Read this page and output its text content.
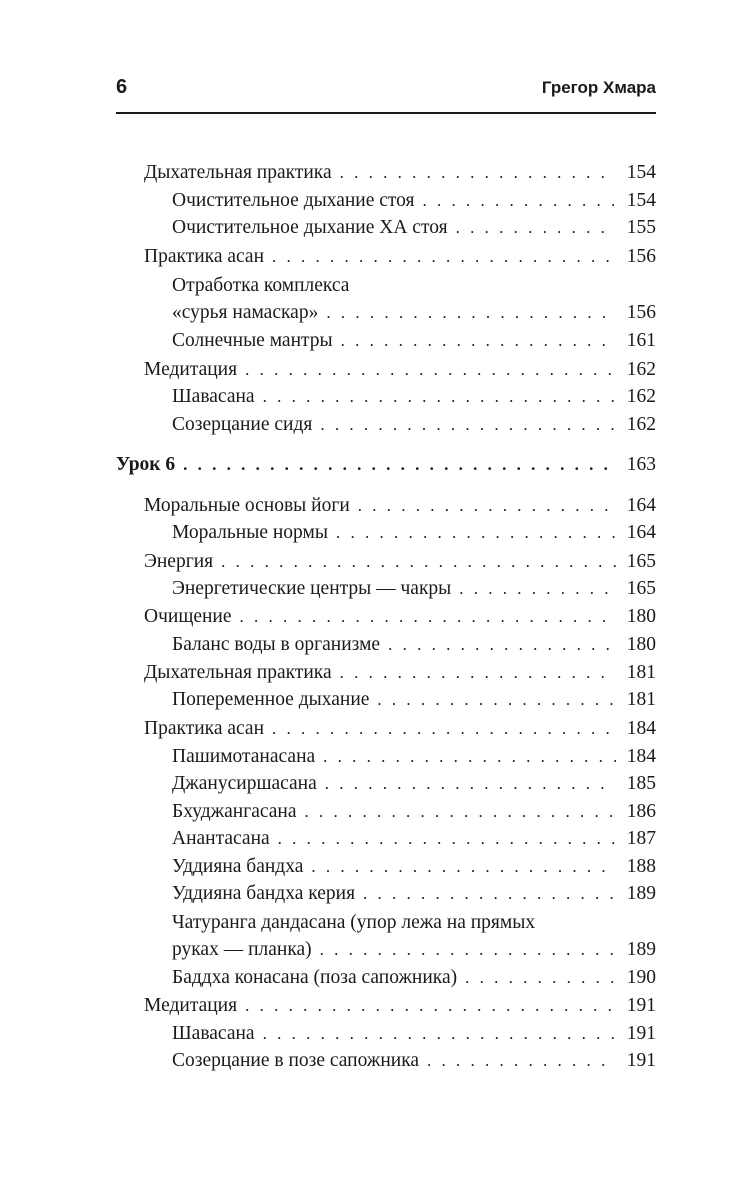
6	Грегор Хмара
Дыхательная практика . . .	154
Очистительное дыхание стоя . . .	154
Очистительное дыхание ХА стоя . . .	155
Практика асан . . .	156
Отработка комплекса
«сурья намаскар» . . .	156
Солнечные мантры . . .	161
Медитация . . .	162
Шавасана . . .	162
Созерцание сидя . . .	162
Урок 6 . . .	163
Моральные основы йоги . . .	164
Моральные нормы . . .	164
Энергия . . .	165
Энергетические центры — чакры . . .	165
Очищение . . .	180
Баланс воды в организме . . .	180
Дыхательная практика . . .	181
Попеременное дыхание . . .	181
Практика асан . . .	184
Пашимотанасана . . .	184
Джанусиршасана . . .	185
Бхуджангасана . . .	186
Анантасана . . .	187
Уддияна бандха . . .	188
Уддияна бандха керия . . .	189
Чатуранга дандасана (упор лежа на прямых
руках — планка) . . .	189
Баддха конасана (поза сапожника) . . .	190
Медитация . . .	191
Шавасана . . .	191
Созерцание в позе сапожника . . .	191
